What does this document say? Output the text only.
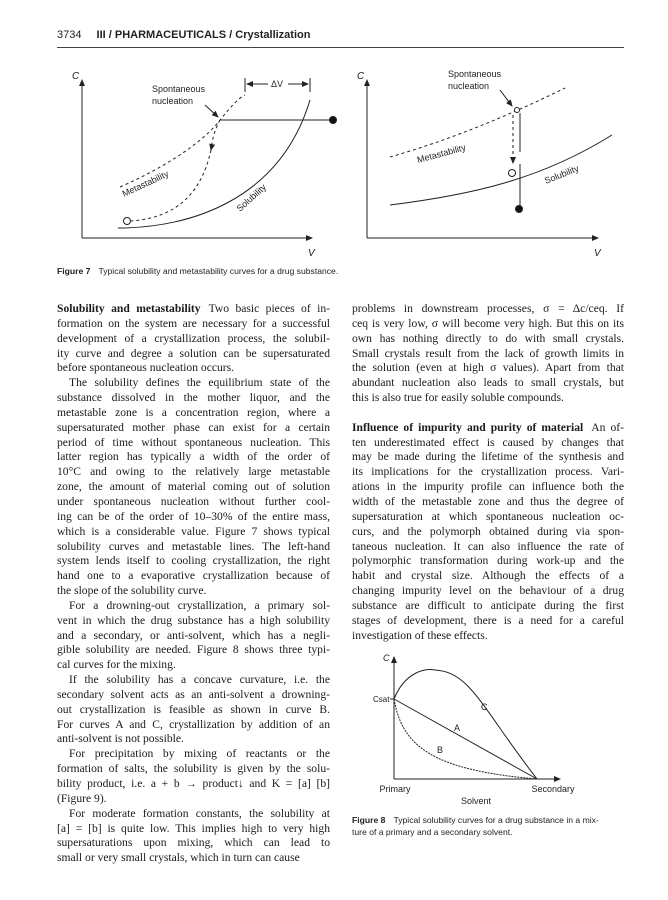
3734 III / PHARMACEUTICALS / Crystallization
C
V
ΔV
Spontaneous
nucleation
Metastability	Solubility
C
V
Spontaneous
nucleation
Metastability
Solubility
C
Csat
C
A
B
Primary	Secondary
Solvent
Figure 7 Typical solubility and metastability curves for a drug substance.
Figure 8 Typical solubility curves for a drug substance in a mix-
ture of a primary and a secondary solvent.
Solubility and metastability Two basic pieces of in-
formation on the system are necessary for a successful
development of a crystallization process, the solubil-
ity curve and degree a solution can be supersaturated
before spontaneous nucleation occurs.
The solubility defines the equilibrium state of the
substance dissolved in the mother liquor, and the
metastable zone is a concentration region, where a
supersaturated mother phase can exist for a certain
period of time without spontaneous nucleation. This
latter region has typically a width of the order of
10°C and owing to the relatively large metastable
zone, the amount of material coming out of solution
under spontaneous nucleation without further cool-
ing can be of the order of 10–30% of the entire mass,
which is a considerable value. Figure 7 shows typical
solubility curves and metastable lines. The left-hand
system lends itself to cooling crystallization, the right
hand one to a evaporative crystallization because of
the slope of the solubility curve.
For a drowning-out crystallization, a primary sol-
vent in which the drug substance has a high solubility
and a secondary, or anti-solvent, which has a negli-
gible solubility are needed. Figure 8 shows three typi-
cal curves for the mixing.
If the solubility has a concave curvature, i.e. the
secondary solvent acts as an anti-solvent a drowning-
out crystallization is feasible as shown in curve B.
For curves A and C, crystallization by addition of an
anti-solvent is not possible.
For precipitation by mixing of reactants or the
formation of salts, the solubility is given by the solu-
bility product, i.e. a + b → product↓ and K = [a] [b]
(Figure 9).
For moderate formation constants, the solubility at
[a] = [b] is quite low. This implies high to very high
supersaturations upon mixing, which can lead to
small or very small crystals, which in turn can cause
problems in downstream processes, σ = Δc/ceq. If
ceq is very low, σ will become very high. But this on its
own has nothing directly to do with small crystals.
Small crystals result from the lack of growth limits in
the solution (even at high σ values). Apart from that
abundant nucleation also leads to small crystals, but
this is also true for easily soluble compounds.
Influence of impurity and purity of material An of-
ten underestimated effect is caused by changes that
may be made during the lifetime of the synthesis and
its implications for the crystallization process. Vari-
ations in the impurity profile can influence both the
width of the metastable zone and thus the degree of
supersaturation at which spontaneous nucleation oc-
curs, and the polymorph obtained during via spon-
taneous nucleation. It can also influence the rate of
polymorphic transformation during work-up and the
habit and crystal size. Although the effects of a
changing impurity level on the behaviour of a drug
substance are difficult to anticipate during the first
stages of development, there is a need for a careful
investigation of these effects.
